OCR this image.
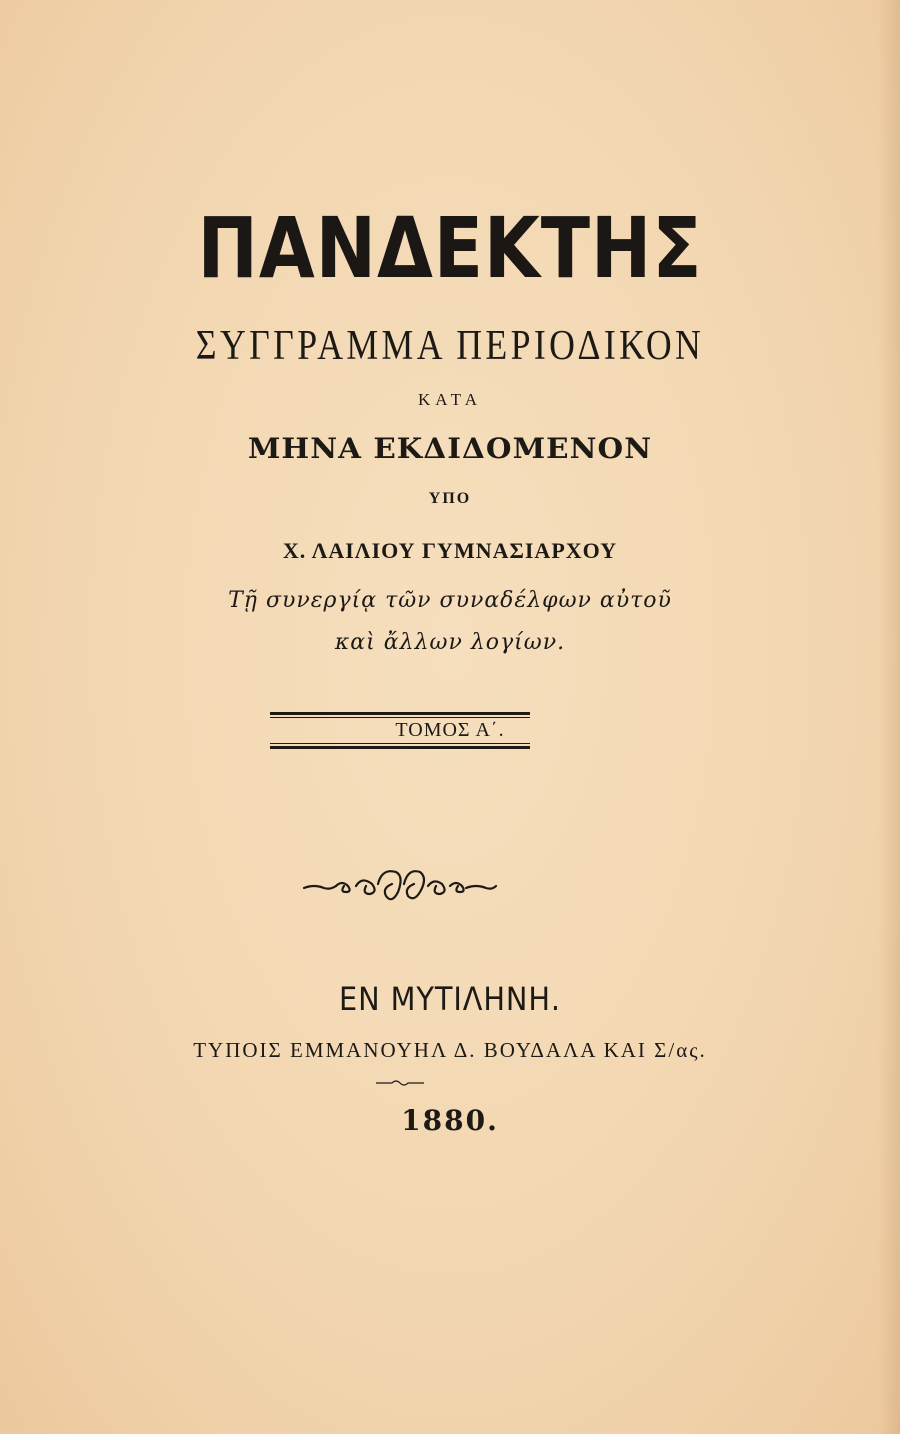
ΠΑΝΔΕΚΤΗΣ
ΣΥΓΓΡΑΜΜΑ ΠΕΡΙΟΔΙΚΟΝ
ΚΑΤΑ
ΜΗΝΑ ΕΚΔΙΔΟΜΕΝΟΝ
ΥΠΟ
Χ. ΛΑΙΛΙΟΥ ΓΥΜΝΑΣΙΑΡΧΟΥ
Τῇ συνεργίᾳ τῶν συναδέλφων αὐτοῦ
καὶ ἄλλων λογίων.
ΤΟΜΟΣ Α΄.
ΕΝ ΜΥΤΙΛΗΝΗ.
ΤΥΠΟΙΣ ΕΜΜΑΝΟΥΗΛ Δ. ΒΟΥΔΑΛΑ ΚΑΙ Σ/ας.
1880.
